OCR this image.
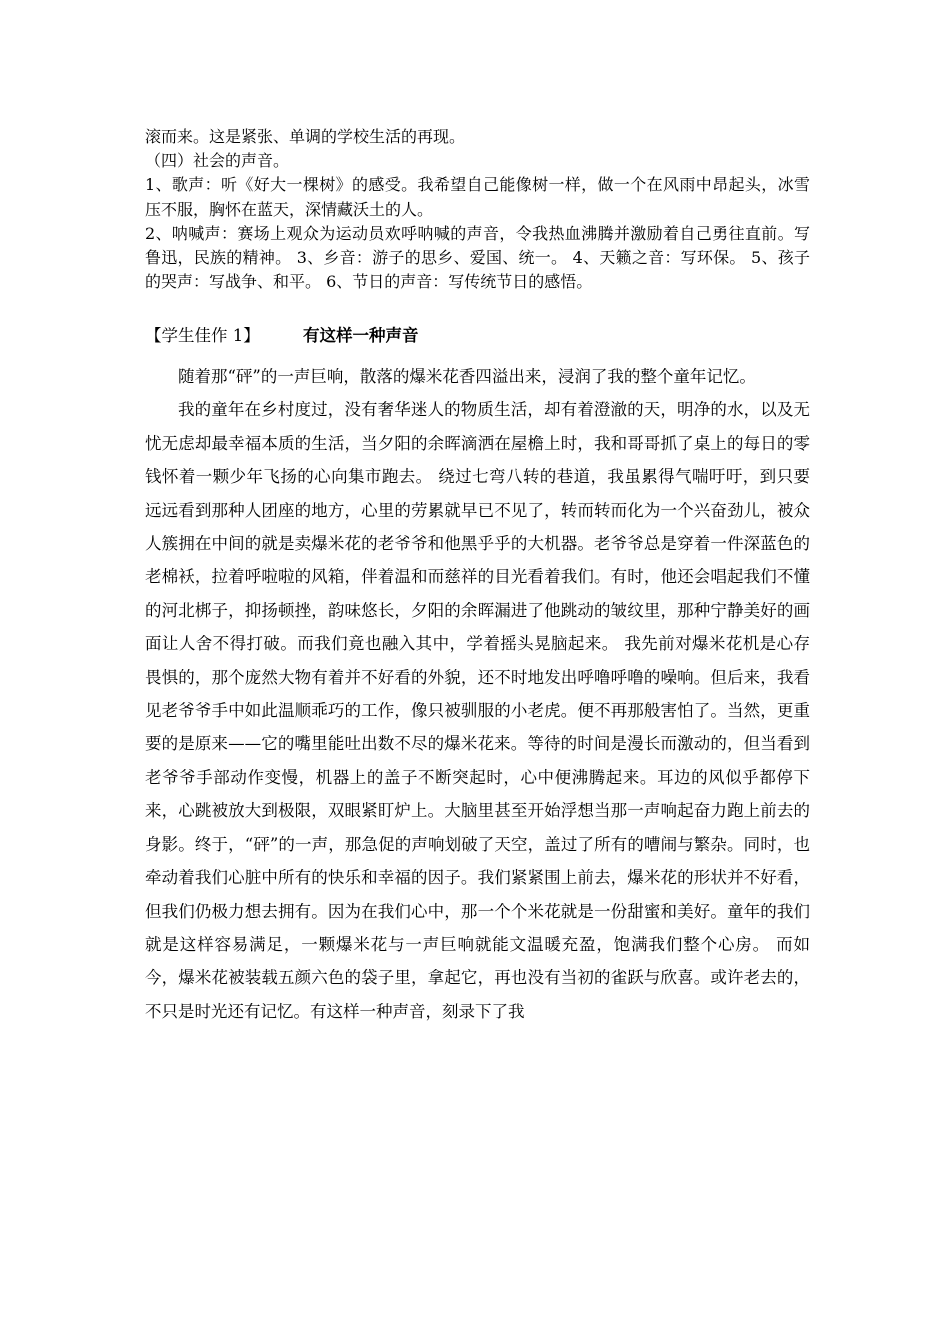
滚而来。这是紧张、单调的学校生活的再现。

（四）社会的声音。

1、歌声：听《好大一棵树》的感受。我希望自己能像树一样，做一个在风雨中昂起头，冰雪压不服，胸怀在蓝天，深情藏沃土的人。

2、呐喊声：赛场上观众为运动员欢呼呐喊的声音，令我热血沸腾并激励着自己勇往直前。写鲁迅，民族的精神。 3、乡音：游子的思乡、爱国、统一。 4、天籁之音：写环保。 5、孩子的哭声：写战争、和平。 6、节日的声音：写传统节日的感悟。

【学生佳作 1】	有这样一种声音

随着那“砰”的一声巨响，散落的爆米花香四溢出来，浸润了我的整个童年记忆。

我的童年在乡村度过，没有奢华迷人的物质生活，却有着澄澈的天，明净的水，以及无忧无虑却最幸福本质的生活，当夕阳的余晖滴洒在屋檐上时，我和哥哥抓了桌上的每日的零钱怀着一颗少年飞扬的心向集市跑去。 绕过七弯八转的巷道，我虽累得气喘吁吁，到只要远远看到那种人团座的地方，心里的劳累就早已不见了，转而转而化为一个兴奋劲儿，被众人簇拥在中间的就是卖爆米花的老爷爷和他黑乎乎的大机器。老爷爷总是穿着一件深蓝色的老棉袄，拉着呼啦啦的风箱，伴着温和而慈祥的目光看着我们。有时，他还会唱起我们不懂的河北梆子，抑扬顿挫，韵味悠长，夕阳的余晖漏进了他跳动的皱纹里，那种宁静美好的画面让人舍不得打破。而我们竟也融入其中，学着摇头晃脑起来。 我先前对爆米花机是心存畏惧的，那个庞然大物有着并不好看的外貌，还不时地发出呼噜呼噜的噪响。但后来，我看见老爷爷手中如此温顺乖巧的工作，像只被驯服的小老虎。便不再那般害怕了。当然，更重要的是原来——它的嘴里能吐出数不尽的爆米花来。等待的时间是漫长而激动的，但当看到老爷爷手部动作变慢，机器上的盖子不断突起时，心中便沸腾起来。耳边的风似乎都停下来，心跳被放大到极限，双眼紧盯炉上。大脑里甚至开始浮想当那一声响起奋力跑上前去的身影。终于，“砰”的一声，那急促的声响划破了天空，盖过了所有的嘈闹与繁杂。同时，也牵动着我们心脏中所有的快乐和幸福的因子。我们紧紧围上前去，爆米花的形状并不好看，但我们仍极力想去拥有。因为在我们心中，那一个个米花就是一份甜蜜和美好。童年的我们就是这样容易满足，一颗爆米花与一声巨响就能文温暖充盈，饱满我们整个心房。 而如今，爆米花被装载五颜六色的袋子里，拿起它，再也没有当初的雀跃与欣喜。或许老去的，不只是时光还有记忆。有这样一种声音，刻录下了我
